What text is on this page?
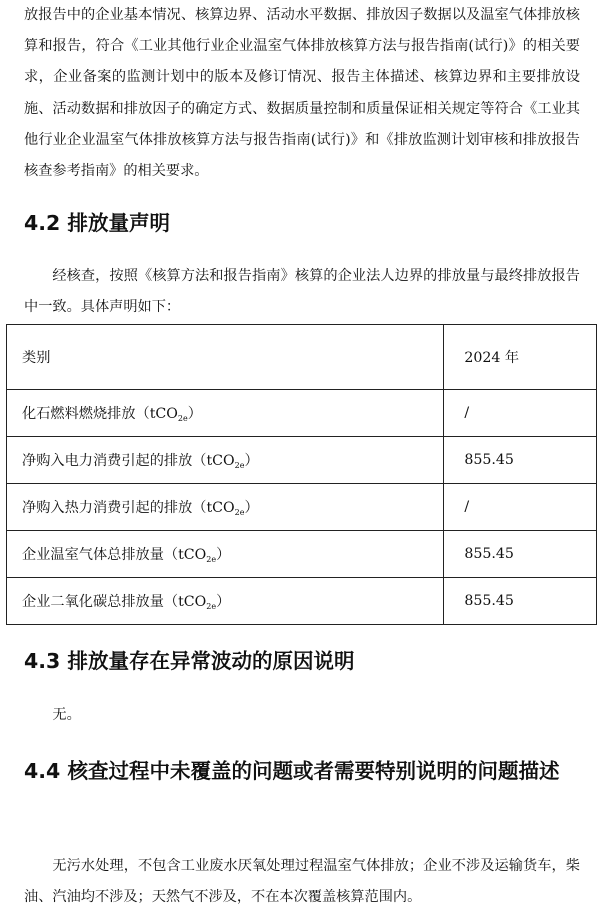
放报告中的企业基本情况、核算边界、活动水平数据、排放因子数据以及温室气体排放核算和报告，符合《工业其他行业企业温室气体排放核算方法与报告指南(试行)》的相关要求，企业备案的监测计划中的版本及修订情况、报告主体描述、核算边界和主要排放设施、活动数据和排放因子的确定方式、数据质量控制和质量保证相关规定等符合《工业其他行业企业温室气体排放核算方法与报告指南(试行)》和《排放监测计划审核和排放报告核查参考指南》的相关要求。

4.2 排放量声明

经核查，按照《核算方法和报告指南》核算的企业法人边界的排放量与最终排放报告中一致。具体声明如下：

类别	2024 年
化石燃料燃烧排放（tCO$_{2e}$）	/
净购入电力消费引起的排放（tCO$_{2e}$）	855.45
净购入热力消费引起的排放（tCO$_{2e}$）	/
企业温室气体总排放量（tCO$_{2e}$）	855.45
企业二氧化碳总排放量（tCO$_{2e}$）	855.45
4.3 排放量存在异常波动的原因说明

无。

4.4 核查过程中未覆盖的问题或者需要特别说明的问题描述

无污水处理，不包含工业废水厌氧处理过程温室气体排放；企业不涉及运输货车，柴油、汽油均不涉及；天然气不涉及，不在本次覆盖核算范围内。
